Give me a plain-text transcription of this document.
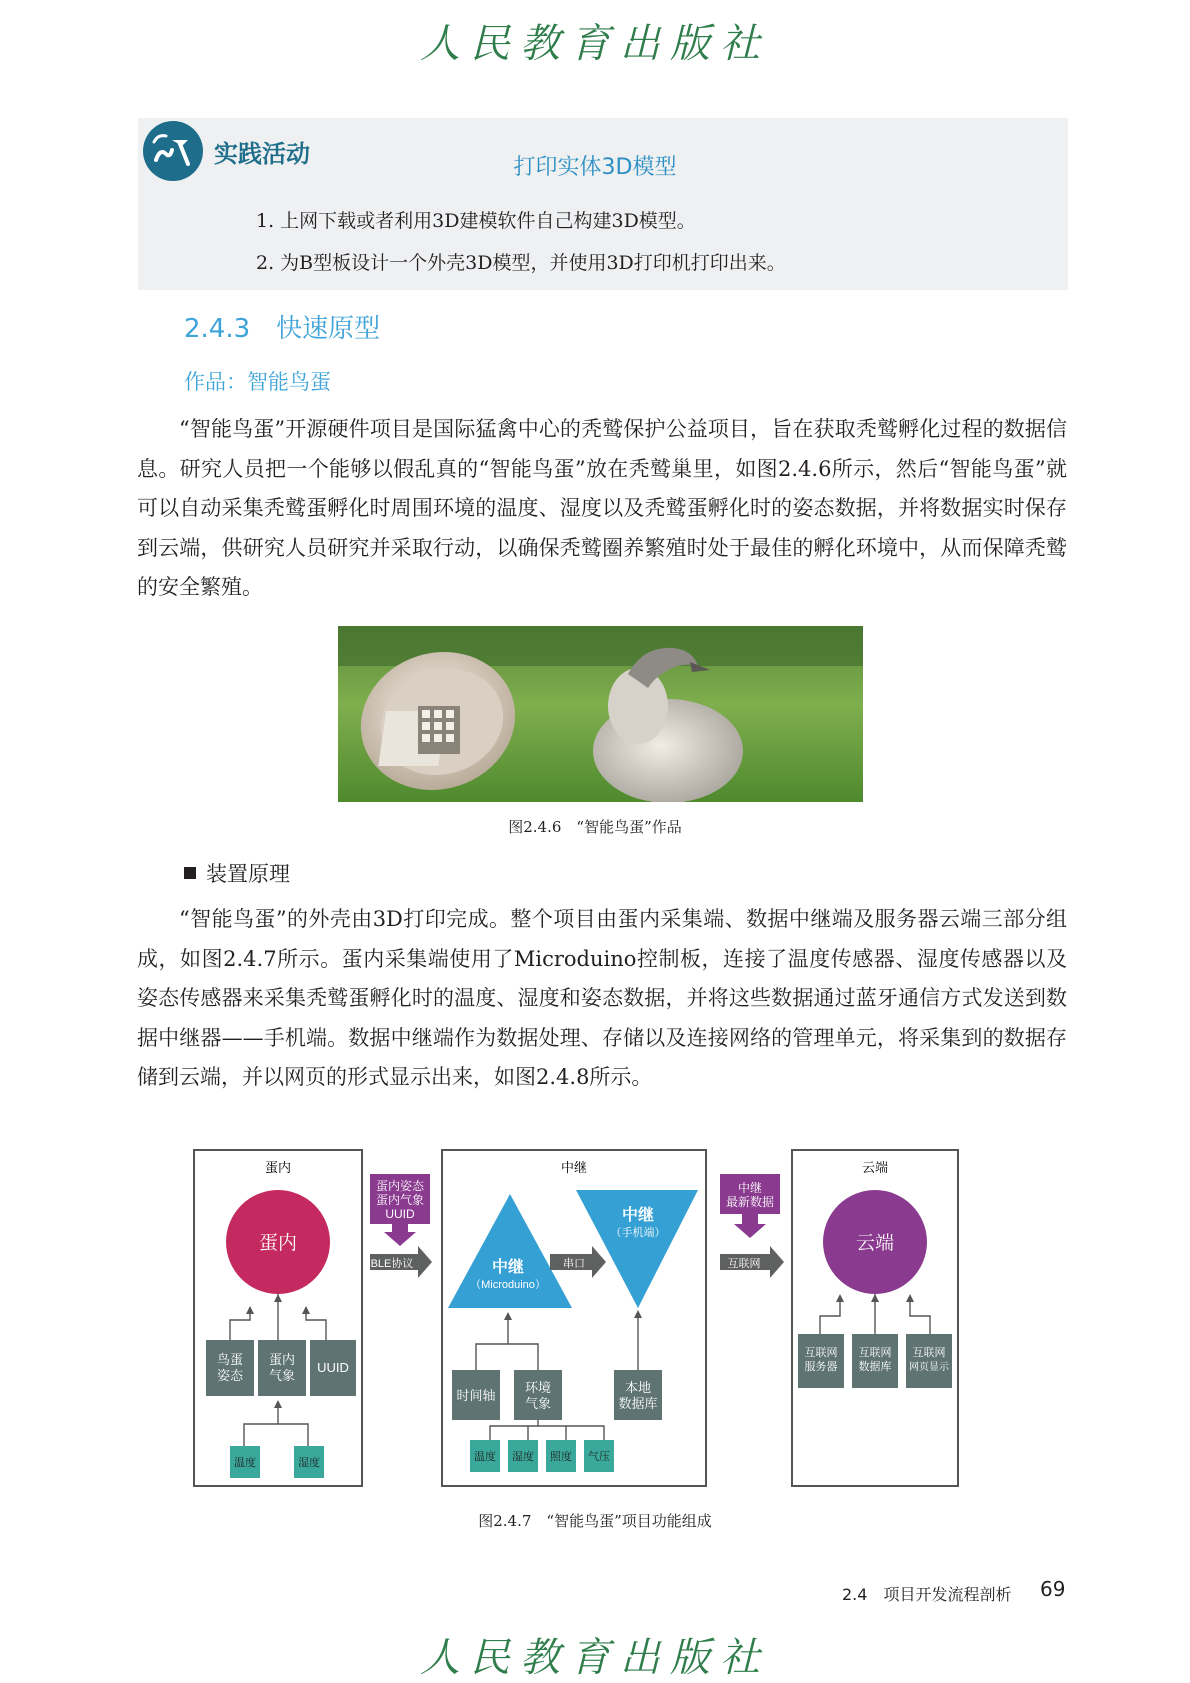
人民教育出版社
实践活动	打印实体3D模型
1. 上网下载或者利用3D建模软件自己构建3D模型。
2. 为B型板设计一个外壳3D模型，并使用3D打印机打印出来。
2.4.3　快速原型
作品：智能鸟蛋
“智能鸟蛋”开源硬件项目是国际猛禽中心的秃鹫保护公益项目，旨在获取秃鹫孵化过程的数据信息。研究人员把一个能够以假乱真的“智能鸟蛋”放在秃鹫巢里，如图2.4.6所示，然后“智能鸟蛋”就可以自动采集秃鹫蛋孵化时周围环境的温度、湿度以及秃鹫蛋孵化时的姿态数据，并将数据实时保存到云端，供研究人员研究并采取行动，以确保秃鹫圈养繁殖时处于最佳的孵化环境中，从而保障秃鹫的安全繁殖。
图2.4.6　“智能鸟蛋”作品
装置原理
“智能鸟蛋”的外壳由3D打印完成。整个项目由蛋内采集端、数据中继端及服务器云端三部分组成，如图2.4.7所示。蛋内采集端使用了Microduino控制板，连接了温度传感器、湿度传感器以及姿态传感器来采集秃鹫蛋孵化时的温度、湿度和姿态数据，并将这些数据通过蓝牙通信方式发送到数据中继器——手机端。数据中继端作为数据处理、存储以及连接网络的管理单元，将采集到的数据存储到云端，并以网页的形式显示出来，如图2.4.8所示。
蛋内
蛋内
鸟蛋
姿态
蛋内
气象
UUID
温度	湿度
蛋内姿态
蛋内气象
UUID
BLE协议
中继
中继
（Microduino）
中继
（手机端）
串口
时间轴
环境
气象
本地
数据库
温度 湿度 照度 气压
中继
最新数据
互联网
云端
云端
互联网
服务器
互联网
数据库
互联网
网页显示
图2.4.7　“智能鸟蛋”项目功能组成
2.4　项目开发流程剖析 69
人民教育出版社
